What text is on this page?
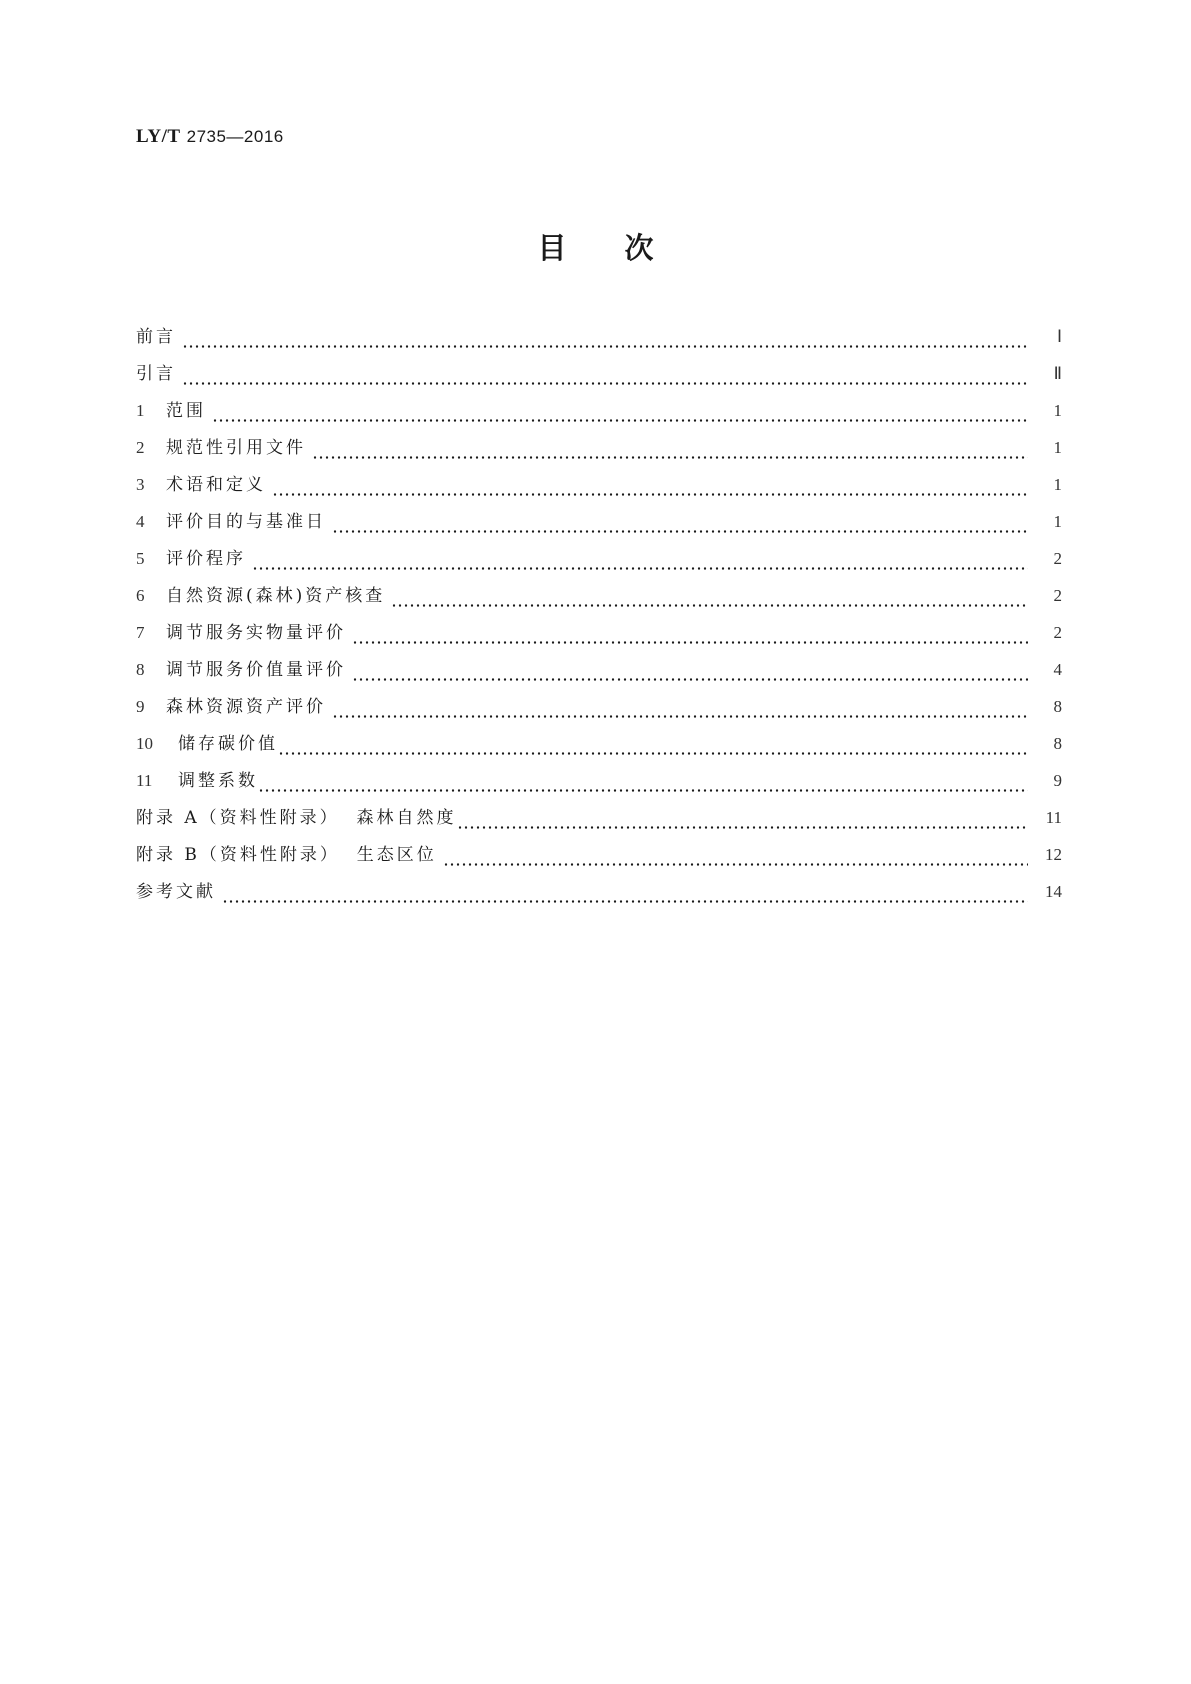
LY/T 2735—2016
目 次
前言	Ⅰ
引言	Ⅱ
1	范围	1
2	规范性引用文件	1
3	术语和定义	1
4	评价目的与基准日	1
5	评价程序	2
6	自然资源(森林)资产核查	2
7	调节服务实物量评价	2
8	调节服务价值量评价	4
9	森林资源资产评价	8
10	储存碳价值	8
11	调整系数	9
附录 A（资料性附录）  森林自然度	11
附录 B（资料性附录）  生态区位	12
参考文献	14
